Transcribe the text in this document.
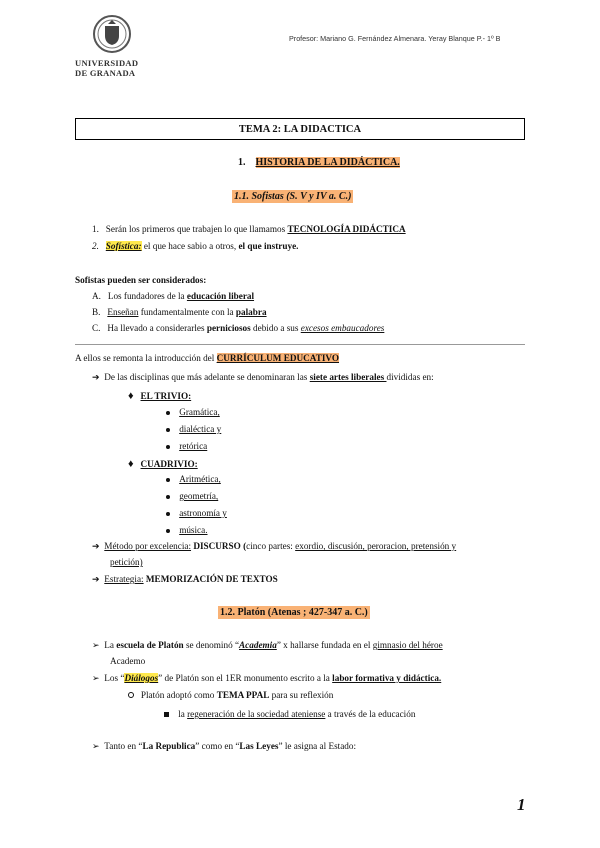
UNIVERSIDAD
DE GRANADA
Profesor: Mariano G. Fernández Almenara. Yeray Blanque P.- 1º B
TEMA 2: LA DIDACTICA
1. HISTORIA DE LA DIDÁCTICA.
1.1. Sofistas (S. V y IV a. C.)
1. Serán los primeros que trabajen lo que llamamos TECNOLOGÍA DIDÁCTICA
2. Sofística: el que hace sabio a otros, el que instruye.
Sofistas pueden ser considerados:
A. Los fundadores de la educación liberal
B. Enseñan fundamentalmente con la palabra
C. Ha llevado a considerarles perniciosos debido a sus excesos embaucadores
A ellos se remonta la introducción del CURRÍCULUM EDUCATIVO
➔ De las disciplinas que más adelante se denominaran las siete artes liberales divididas en:
♦ EL TRIVIO:
Gramática,
dialéctica y
retórica
♦ CUADRIVIO:
Aritmética,
geometría,
astronomía y
música.
➔ Método por excelencia: DISCURSO (cinco partes: exordio, discusión, peroracion, pretensión y
petición)
➔ Estrategia: MEMORIZACIÓN DE TEXTOS
1.2. Platón (Atenas ; 427-347 a. C.)
➢ La escuela de Platón se denominó “Academia” x hallarse fundada en el gimnasio del héroe
Academo
➢ Los “Diálogos” de Platón son el 1ER monumento escrito a la labor formativa y didáctica.
Platón adoptó como TEMA PPAL para su reflexión
la regeneración de la sociedad ateniense a través de la educación
➢ Tanto en “La Republica” como en “Las Leyes” le asigna al Estado:
1
